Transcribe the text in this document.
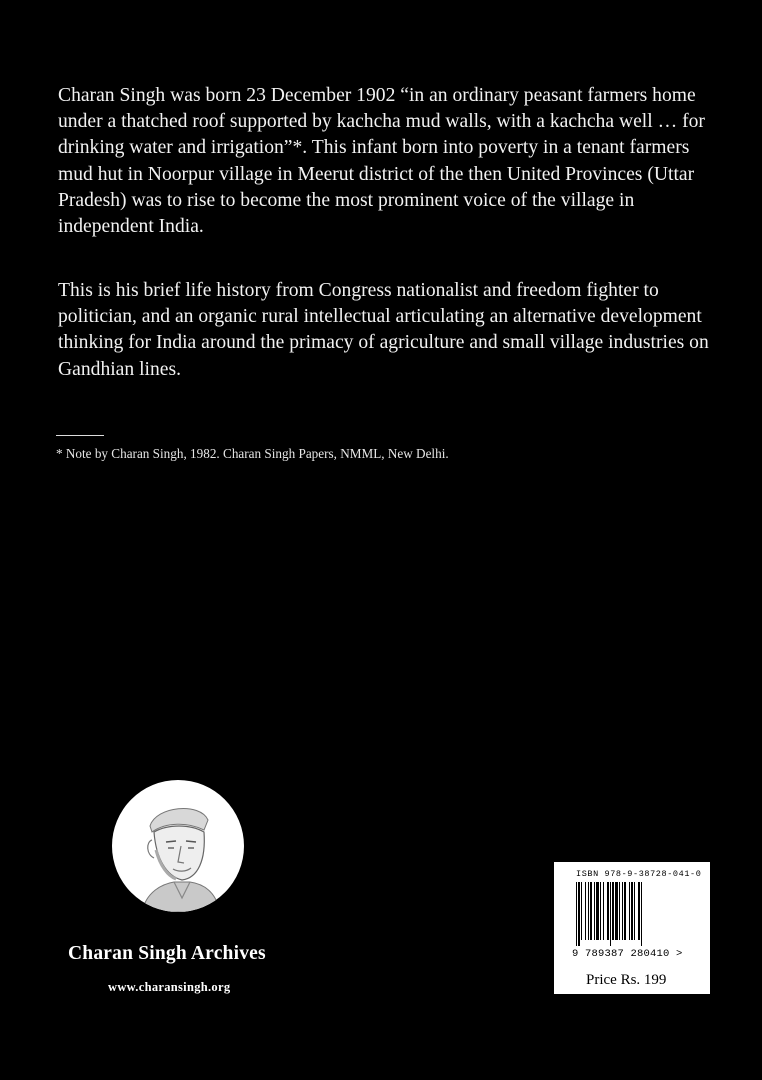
Charan Singh was born 23 December 1902 “in an ordinary peasant farmers home under a thatched roof supported by kachcha mud walls, with a kachcha well … for drinking water and irrigation”*. This infant born into poverty in a tenant farmers mud hut in Noorpur village in Meerut district of the then United Provinces (Uttar Pradesh) was to rise to become the most prominent voice of the village in independent India.

This is his brief life history from Congress nationalist and freedom fighter to politician, and an organic rural intellectual articulating an alternative development thinking for India around the primacy of agriculture and small village industries on Gandhian lines.

* Note by Charan Singh, 1982. Charan Singh Papers, NMML, New Delhi.
Charan Singh Archives
www.charansingh.org
ISBN 978-9-38728-041-0
9 789387 280410 >
Price Rs. 199
